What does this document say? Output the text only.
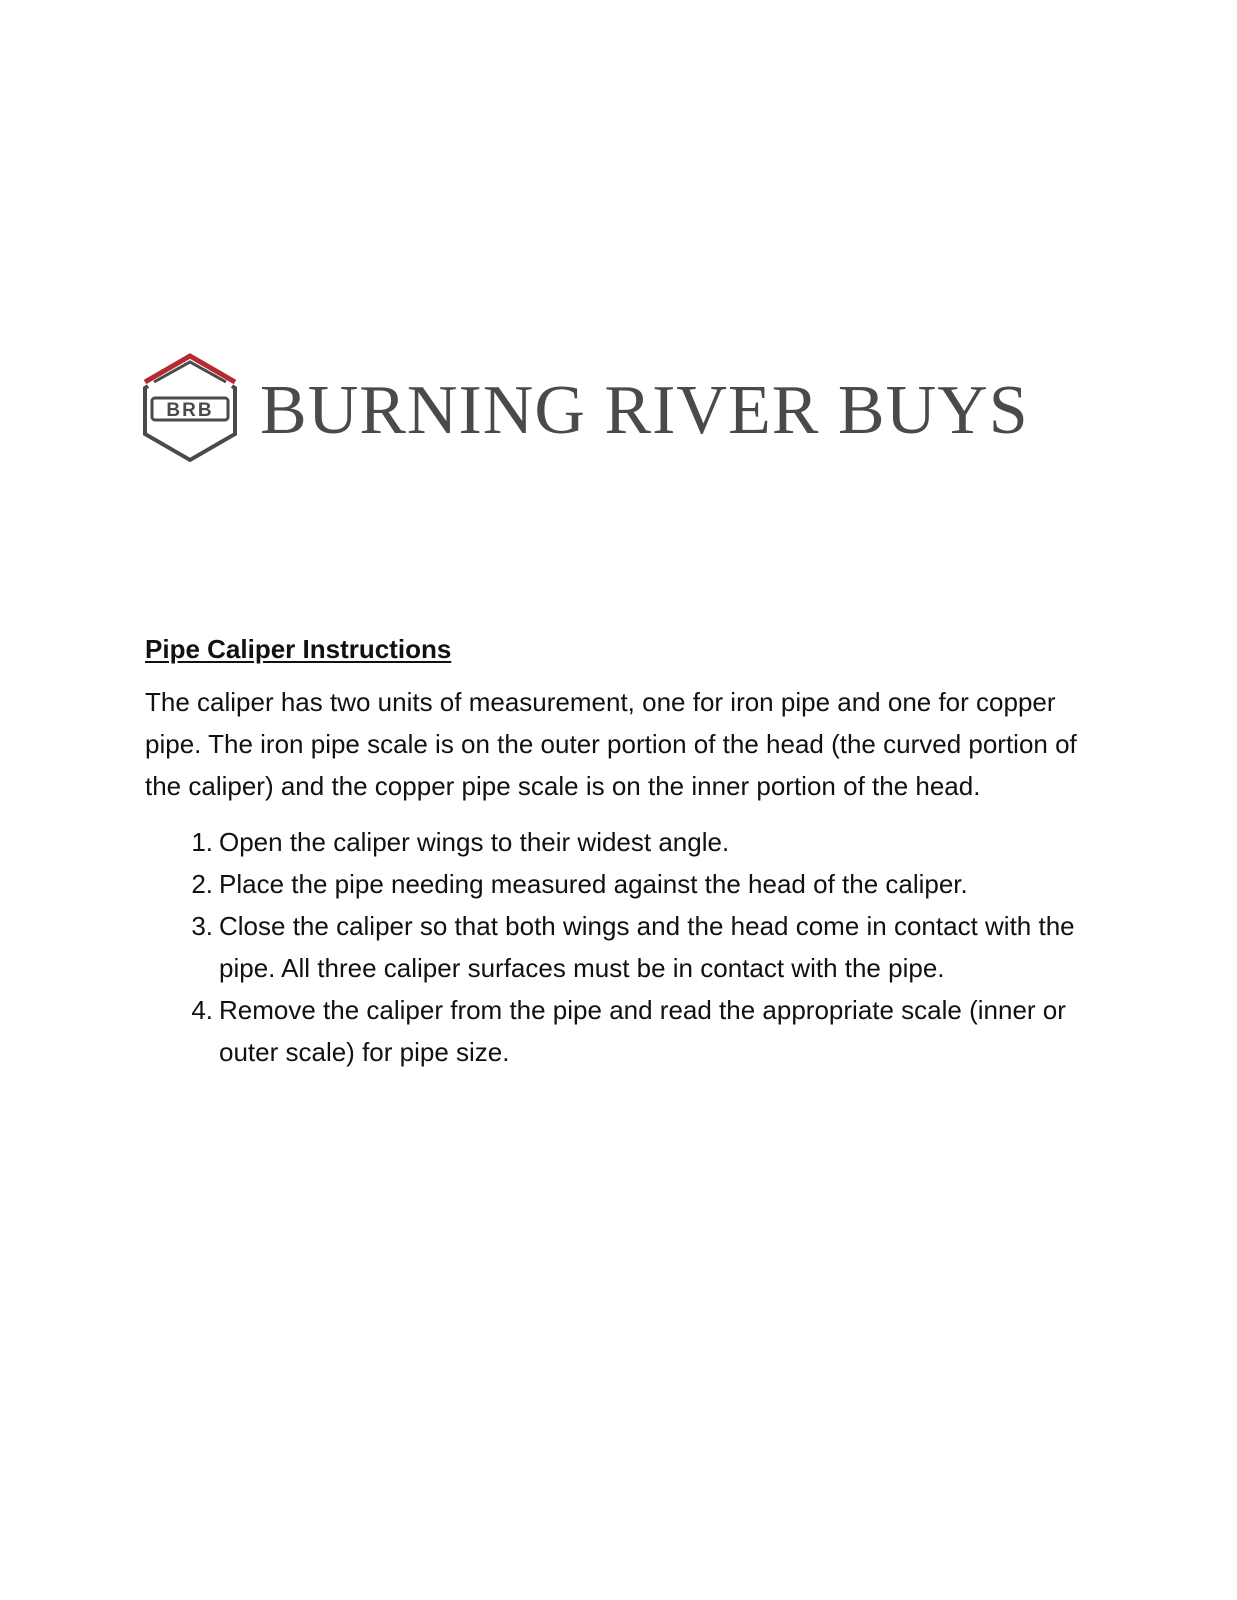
BRB BURNING RIVER BUYS
Pipe Caliper Instructions

The caliper has two units of measurement, one for iron pipe and one for copper pipe. The iron pipe scale is on the outer portion of the head (the curved portion of the caliper) and the copper pipe scale is on the inner portion of the head.

1. Open the caliper wings to their widest angle.
2. Place the pipe needing measured against the head of the caliper.
3. Close the caliper so that both wings and the head come in contact with the pipe. All three caliper surfaces must be in contact with the pipe.
4. Remove the caliper from the pipe and read the appropriate scale (inner or outer scale) for pipe size.
